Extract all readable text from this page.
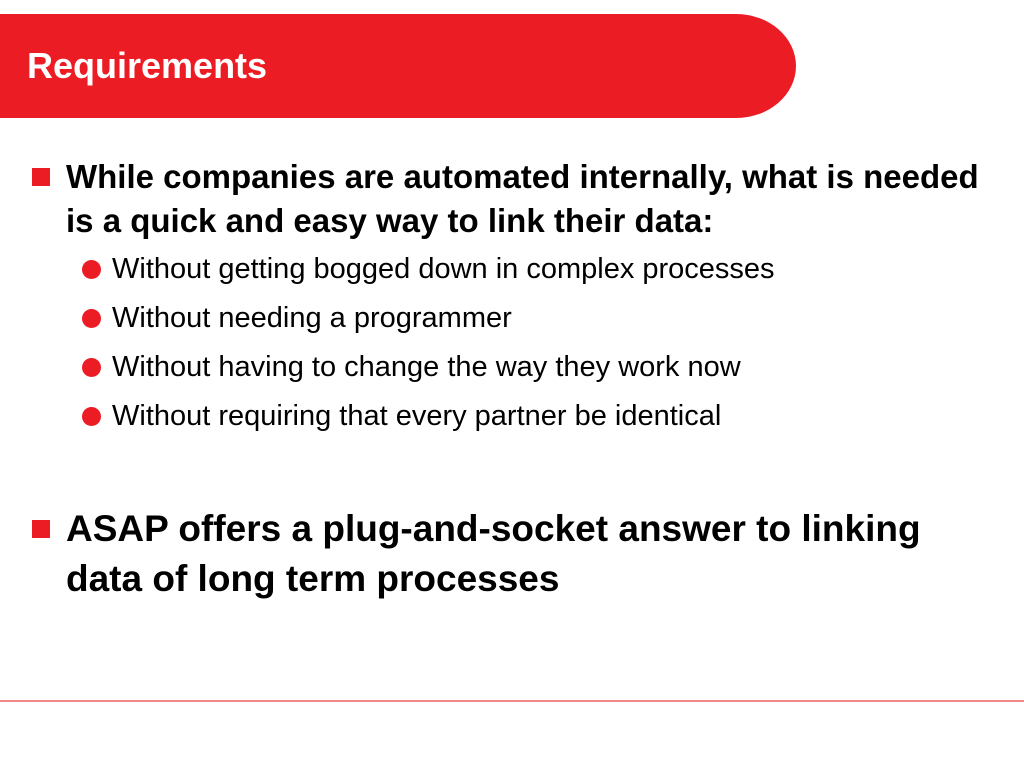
Requirements
While companies are automated internally, what is needed is a quick and easy way to link their data:
Without getting bogged down in complex processes
Without needing a programmer
Without having to change the way they work now
Without requiring that every partner be identical
ASAP offers a plug-and-socket answer to linking data of long term processes
